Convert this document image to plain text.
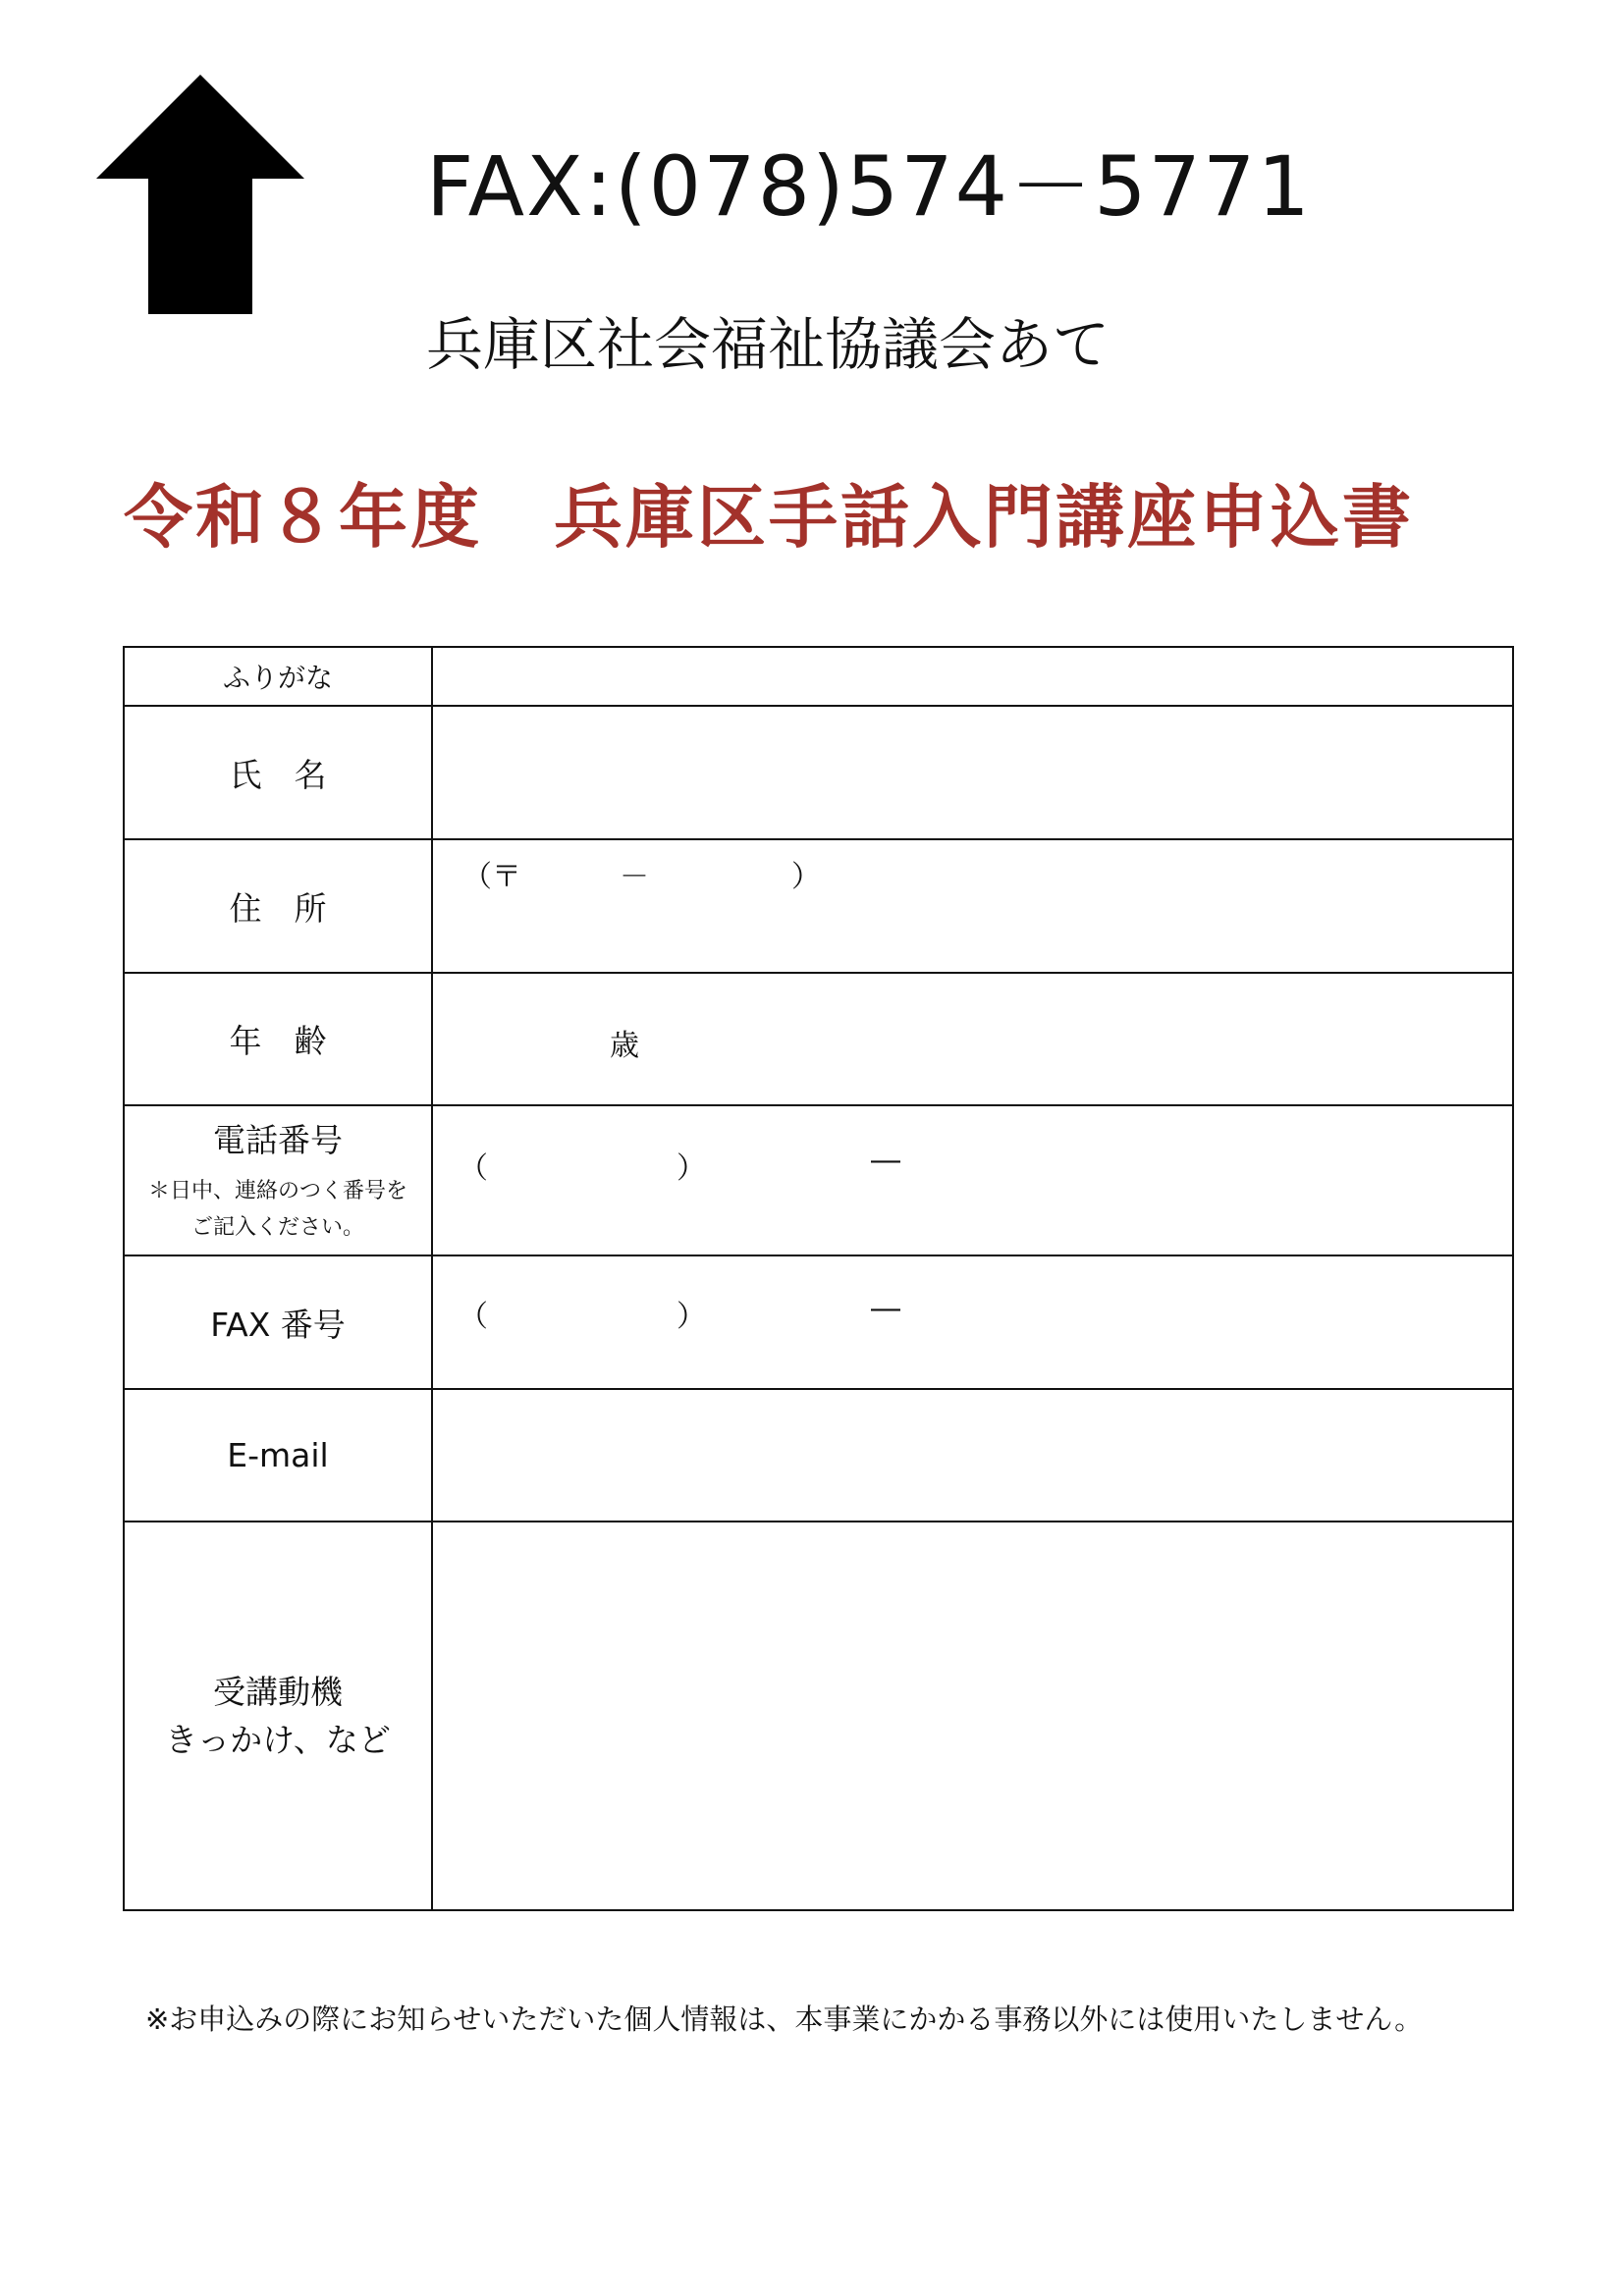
FAX:(078)574－5771
兵庫区社会福祉協議会あて
令和８年度　兵庫区手話入門講座申込書
ふりがな	
氏　名	
住　所	（〒 － ）

年　齢	歳

電話番号
＊日中、連絡のつく番号を
ご記入ください。	（ ） ―

FAX 番号	（ ） ―

E-mail	

受講動機
きっかけ、など	

※お申込みの際にお知らせいただいた個人情報は、本事業にかかる事務以外には使用いたしません。
